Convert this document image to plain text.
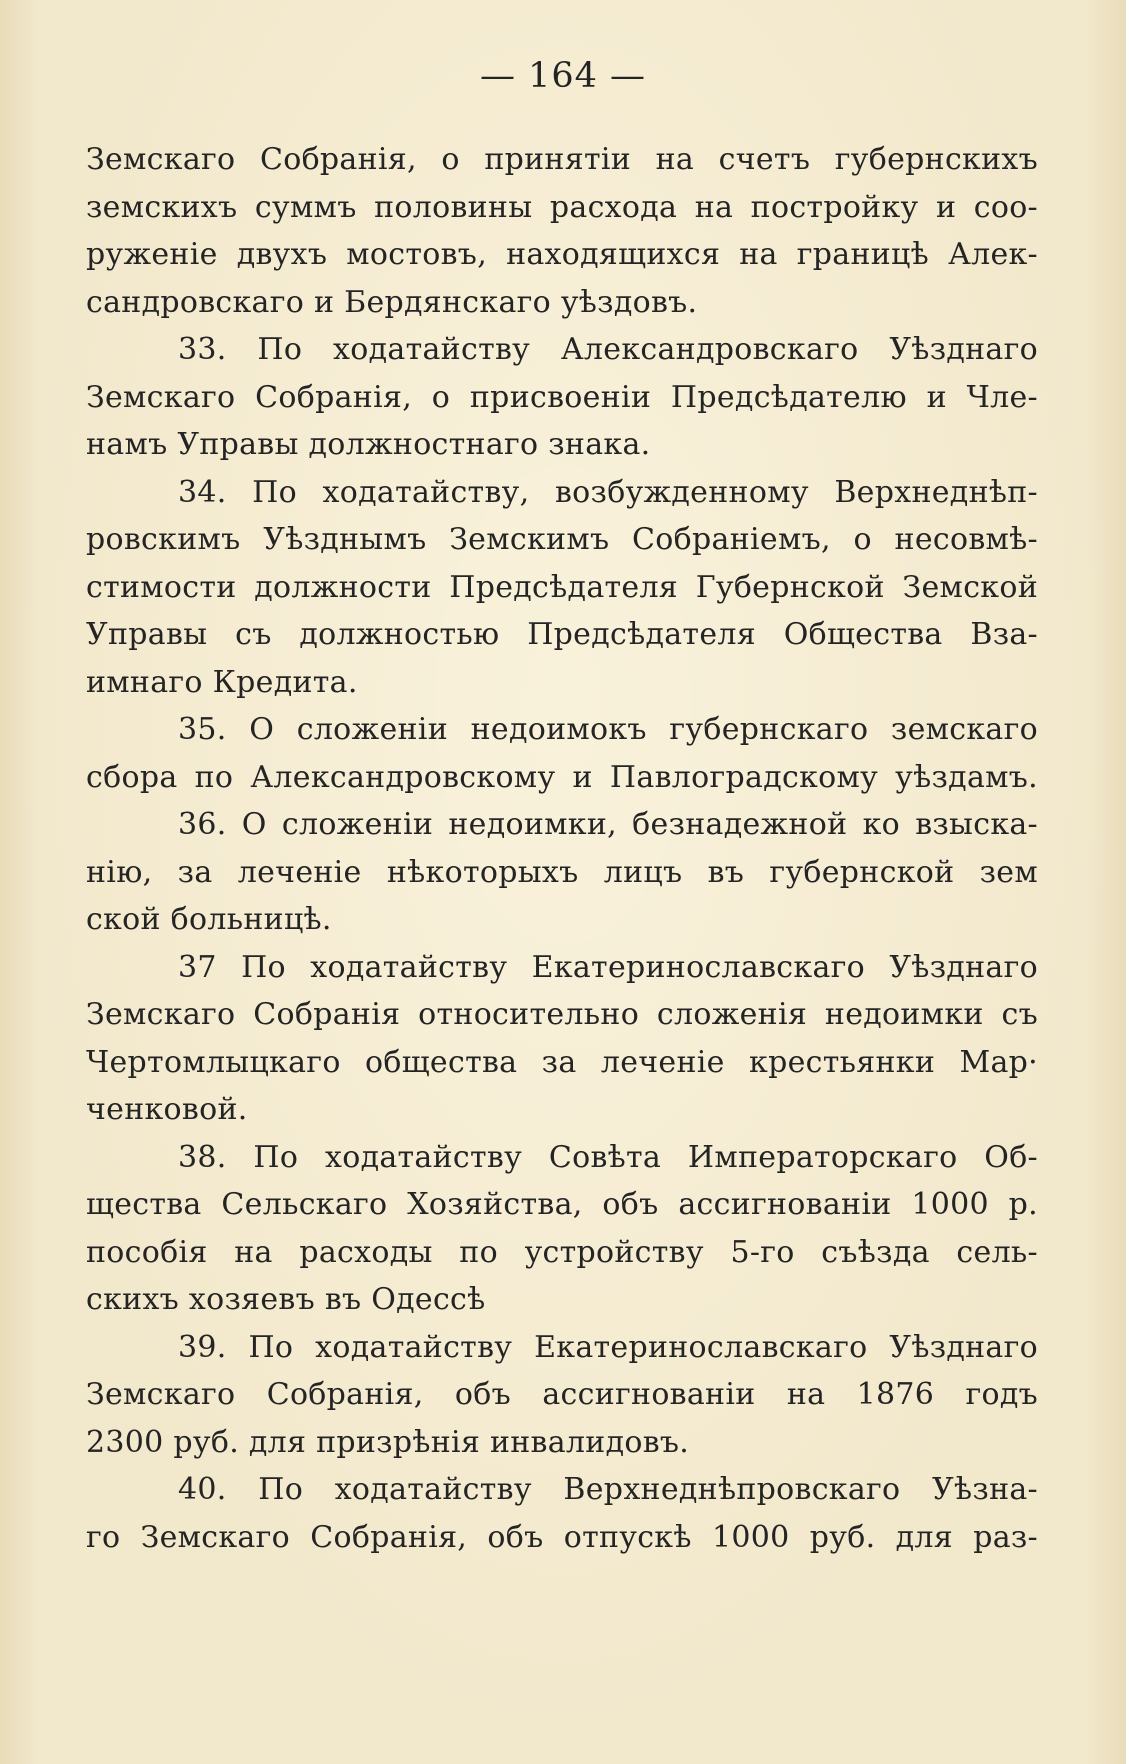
— 164 —
Земскаго Собранія, о принятіи на счетъ губернскихъ
земскихъ суммъ половины расхода на постройку и соо-
руженіе двухъ мостовъ, находящихся на границѣ Алек-
сандровскаго и Бердянскаго уѣздовъ.
33. По ходатайству Александровскаго Уѣзднаго
Земскаго Собранія, о присвоеніи Предсѣдателю и Чле-
намъ Управы должностнаго знака.
34. По ходатайству, возбужденному Верхнеднѣп-
ровскимъ Уѣзднымъ Земскимъ Собраніемъ, о несовмѣ-
стимости должности Предсѣдателя Губернской Земской
Управы съ должностью Предсѣдателя Общества Вза-
имнаго Кредита.
35. О сложеніи недоимокъ губернскаго земскаго
сбора по Александровскому и Павлоградскому уѣздамъ.
36. О сложеніи недоимки, безнадежной ко взыска-
нію, за леченіе нѣкоторыхъ лицъ въ губернской зем
ской больницѣ.
37 По ходатайству Екатеринославскаго Уѣзднаго
Земскаго Собранія относительно сложенія недоимки съ
Чертомлыцкаго общества за леченіе крестьянки Мар·
ченковой.
38. По ходатайству Совѣта Императорскаго Об-
щества Сельскаго Хозяйства, объ ассигнованіи 1000 р.
пособія на расходы по устройству 5-го съѣзда сель-
скихъ хозяевъ въ Одессѣ
39. По ходатайству Екатеринославскаго Уѣзднаго
Земскаго Собранія, объ ассигнованіи на 1876 годъ
2300 руб. для призрѣнія инвалидовъ.
40. По ходатайству Верхнеднѣпровскаго Уѣзна-
го Земскаго Собранія, объ отпускѣ 1000 руб. для раз-
